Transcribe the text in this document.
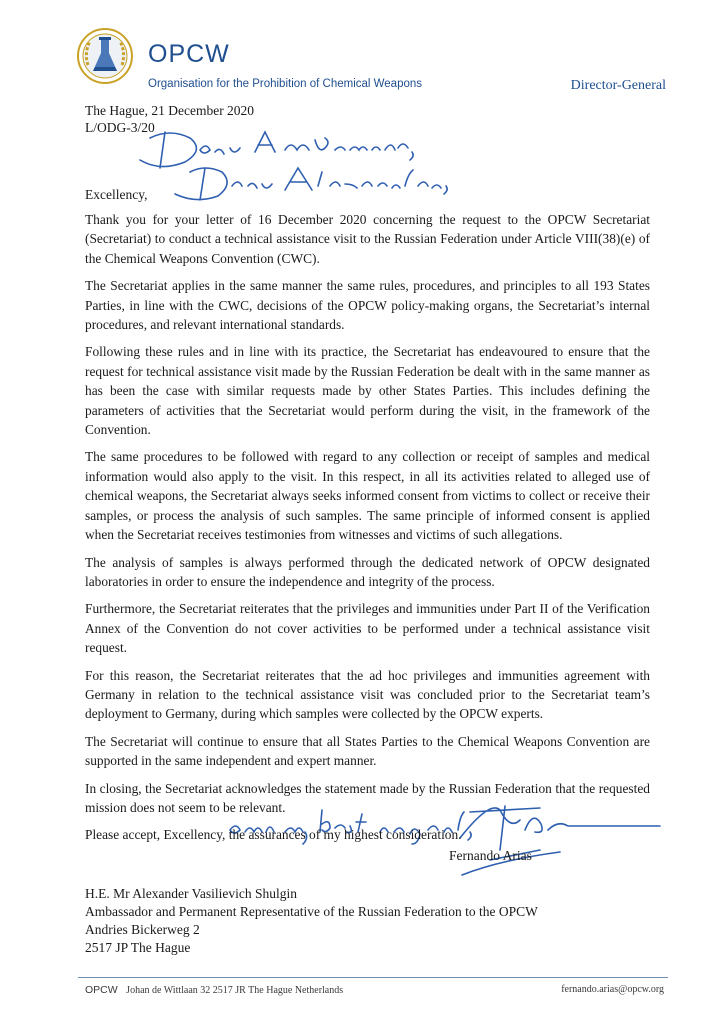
OPCW
Organisation for the Prohibition of Chemical Weapons	Director-General
The Hague, 21 December 2020
L/ODG-3/20
Excellency,

Thank you for your letter of 16 December 2020 concerning the request to the OPCW Secretariat (Secretariat) to conduct a technical assistance visit to the Russian Federation under Article VIII(38)(e) of the Chemical Weapons Convention (CWC).

The Secretariat applies in the same manner the same rules, procedures, and principles to all 193 States Parties, in line with the CWC, decisions of the OPCW policy-making organs, the Secretariat’s internal procedures, and relevant international standards.

Following these rules and in line with its practice, the Secretariat has endeavoured to ensure that the request for technical assistance visit made by the Russian Federation be dealt with in the same manner as has been the case with similar requests made by other States Parties. This includes defining the parameters of activities that the Secretariat would perform during the visit, in the framework of the Convention.

The same procedures to be followed with regard to any collection or receipt of samples and medical information would also apply to the visit. In this respect, in all its activities related to alleged use of chemical weapons, the Secretariat always seeks informed consent from victims to collect or receive their samples, or process the analysis of such samples. The same principle of informed consent is applied when the Secretariat receives testimonies from witnesses and victims of such allegations.

The analysis of samples is always performed through the dedicated network of OPCW designated laboratories in order to ensure the independence and integrity of the process.

Furthermore, the Secretariat reiterates that the privileges and immunities under Part II of the Verification Annex of the Convention do not cover activities to be performed under a technical assistance visit request.

For this reason, the Secretariat reiterates that the ad hoc privileges and immunities agreement with Germany in relation to the technical assistance visit was concluded prior to the Secretariat team’s deployment to Germany, during which samples were collected by the OPCW experts.

The Secretariat will continue to ensure that all States Parties to the Chemical Weapons Convention are supported in the same independent and expert manner.

In closing, the Secretariat acknowledges the statement made by the Russian Federation that the requested mission does not seem to be relevant.

Please accept, Excellency, the assurances of my highest consideration.

Fernando Arias
H.E. Mr Alexander Vasilievich Shulgin
Ambassador and Permanent Representative of the Russian Federation to the OPCW
Andries Bickerweg 2
2517 JP The Hague
OPCW Johan de Wittlaan 32 2517 JR The Hague Netherlands	fernando.arias@opcw.org
